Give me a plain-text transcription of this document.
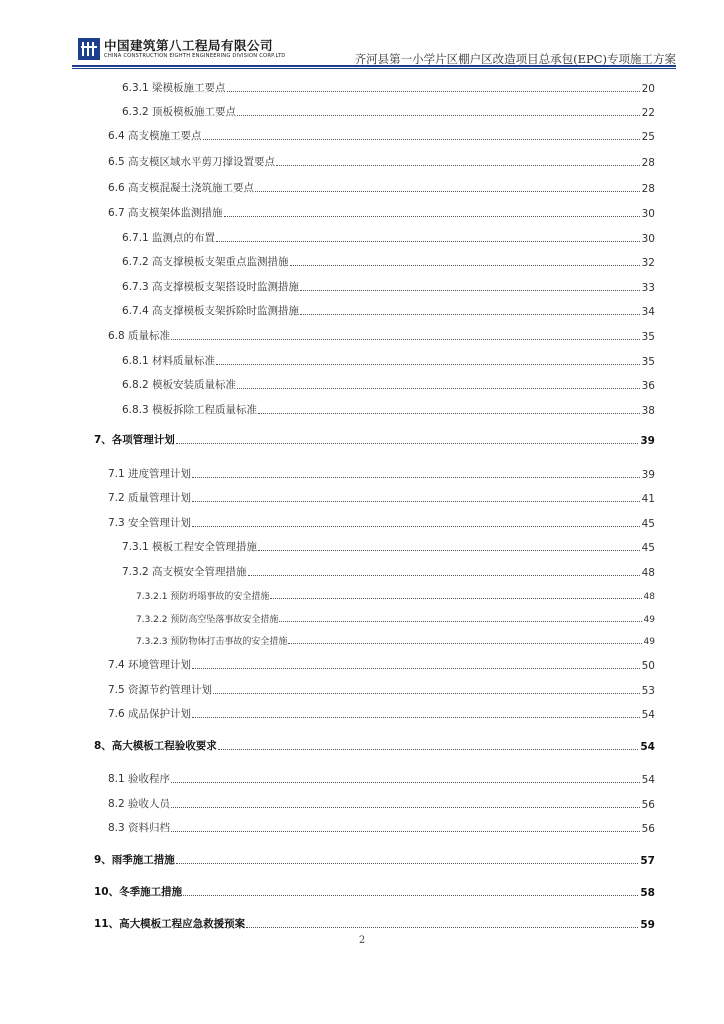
中国建筑第八工程局有限公司
CHINA CONSTRUCTION EIGHTH ENGINEERING DIVISION CORP.LTD	齐河县第一小学片区棚户区改造项目总承包(EPC)专项施工方案
6.3.1 梁模板施工要点	20
6.3.2 顶板模板施工要点	22
6.4 高支模施工要点	25
6.5 高支模区域水平剪刀撑设置要点	28
6.6 高支模混凝土浇筑施工要点	28
6.7 高支模架体监测措施	30
6.7.1 监测点的布置	30
6.7.2 高支撑模板支架重点监测措施	32
6.7.3 高支撑模板支架搭设时监测措施	33
6.7.4 高支撑模板支架拆除时监测措施	34
6.8 质量标准	35
6.8.1 材料质量标准	35
6.8.2 模板安装质量标准	36
6.8.3 模板拆除工程质量标准	38
7、各项管理计划	39
7.1 进度管理计划	39
7.2 质量管理计划	41
7.3 安全管理计划	45
7.3.1 模板工程安全管理措施	45
7.3.2 高支模安全管理措施	48
7.3.2.1 预防坍塌事故的安全措施	48
7.3.2.2 预防高空坠落事故安全措施	49
7.3.2.3 预防物体打击事故的安全措施	49
7.4 环境管理计划	50
7.5 资源节约管理计划	53
7.6 成品保护计划	54
8、高大模板工程验收要求	54
8.1 验收程序	54
8.2 验收人员	56
8.3 资料归档	56
9、雨季施工措施	57
10、冬季施工措施	58
11、高大模板工程应急救援预案	59
2
